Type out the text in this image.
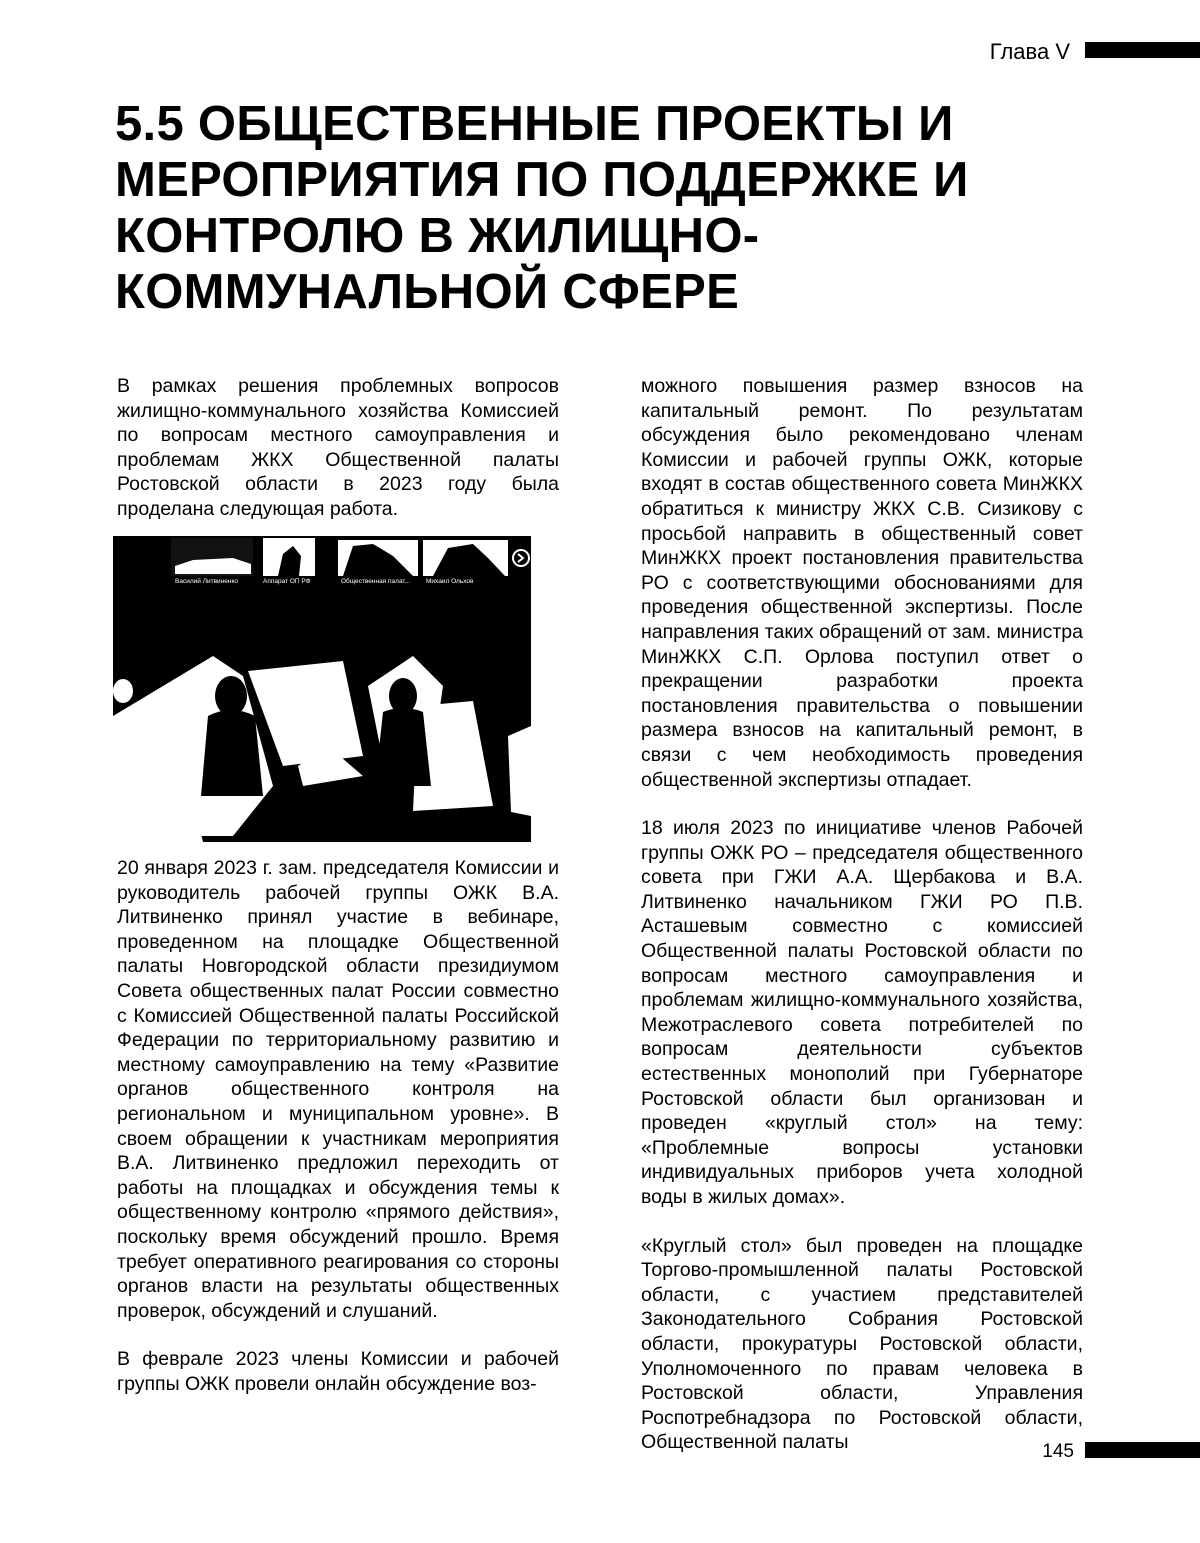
Глава V
5.5 ОБЩЕСТВЕННЫЕ ПРОЕКТЫ И МЕРОПРИЯТИЯ ПО ПОДДЕРЖКЕ И КОНТРОЛЮ В ЖИЛИЩНО-КОММУНАЛЬНОЙ СФЕРЕ

В рамках решения проблемных вопросов жилищно-коммунального хозяйства Комиссией по вопросам местного самоуправления и проблемам ЖКХ Общественной палаты Ростовской области в 2023 году была проделана следующая работа.

Василий Литвиненко	Аппарат ОП РФ	Общественная палат... Михаил Ольхов
Новгородской области

20 января 2023 г. зам. председателя Комиссии и руководитель рабочей группы ОЖК В.А. Литвиненко принял участие в вебинаре, проведенном на площадке Общественной палаты Новгородской области президиумом Совета общественных палат России совместно с Комиссией Общественной палаты Российской Федерации по территориальному развитию и местному самоуправлению на тему «Развитие органов общественного контроля на региональном и муниципальном уровне». В своем обращении к участникам мероприятия В.А. Литвиненко предложил переходить от работы на площадках и обсуждения темы к общественному контролю «прямого действия», поскольку время обсуждений прошло. Время требует оперативного реагирования со стороны органов власти на результаты общественных проверок, обсуждений и слушаний.

В феврале 2023 члены Комиссии и рабочей группы ОЖК провели онлайн обсуждение воз-

можного повышения размер взносов на капитальный ремонт. По результатам обсуждения было рекомендовано членам Комиссии и рабочей группы ОЖК, которые входят в состав общественного совета МинЖКХ обратиться к министру ЖКХ С.В. Сизикову с просьбой направить в общественный совет МинЖКХ проект постановления правительства РО с соответствующими обоснованиями для проведения общественной экспертизы. После направления таких обращений от зам. министра МинЖКХ С.П. Орлова поступил ответ о прекращении разработки проекта постановления правительства о повышении размера взносов на капитальный ремонт, в связи с чем необходимость проведения общественной экспертизы отпадает.

18 июля 2023 по инициативе членов Рабочей группы ОЖК РО – председателя общественного совета при ГЖИ А.А. Щербакова и В.А. Литвиненко начальником ГЖИ РО П.В. Асташевым совместно с комиссией Общественной палаты Ростовской области по вопросам местного самоуправления и проблемам жилищно-коммунального хозяйства, Межотраслевого совета потребителей по вопросам деятельности субъектов естественных монополий при Губернаторе Ростовской области был организован и проведен «круглый стол» на тему: «Проблемные вопросы установки индивидуальных приборов учета холодной воды в жилых домах».

«Круглый стол» был проведен на площадке Торгово-промышленной палаты Ростовской области, с участием представителей Законодательного Собрания Ростовской области, прокуратуры Ростовской области, Уполномоченного по правам человека в Ростовской области, Управления Роспотребнадзора по Ростовской области, Общественной палаты	145
